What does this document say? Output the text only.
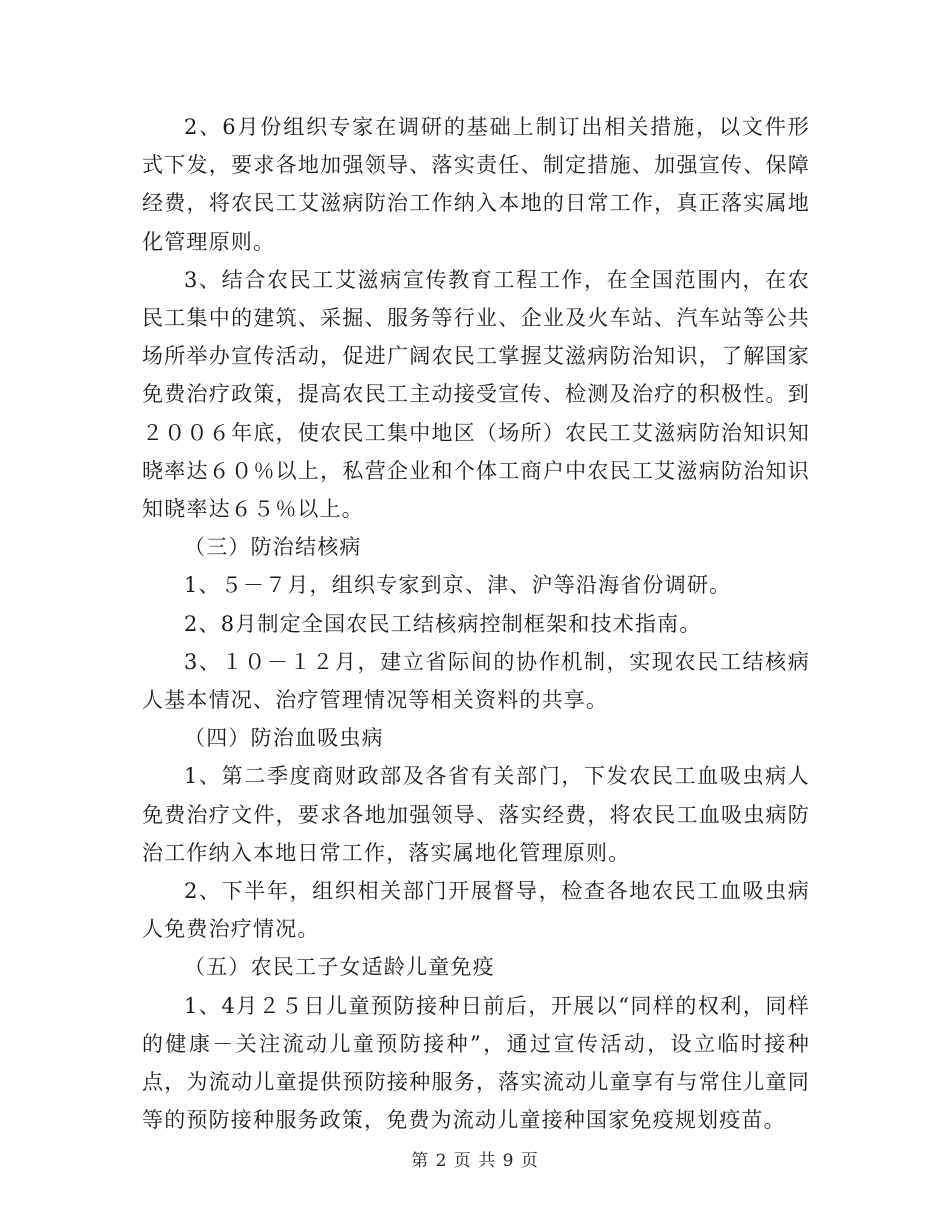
2、6月份组织专家在调研的基础上制订出相关措施，以文件形式下发，要求各地加强领导、落实责任、制定措施、加强宣传、保障经费，将农民工艾滋病防治工作纳入本地的日常工作，真正落实属地化管理原则。

3、结合农民工艾滋病宣传教育工程工作，在全国范围内，在农民工集中的建筑、采掘、服务等行业、企业及火车站、汽车站等公共场所举办宣传活动，促进广阔农民工掌握艾滋病防治知识，了解国家免费治疗政策，提高农民工主动接受宣传、检测及治疗的积极性。到２００６年底，使农民工集中地区（场所）农民工艾滋病防治知识知晓率达６０％以上，私营企业和个体工商户中农民工艾滋病防治知识知晓率达６５％以上。

（三）防治结核病

1、５－７月，组织专家到京、津、沪等沿海省份调研。

2、8月制定全国农民工结核病控制框架和技术指南。

3、１０－１２月，建立省际间的协作机制，实现农民工结核病人基本情况、治疗管理情况等相关资料的共享。

（四）防治血吸虫病

1、第二季度商财政部及各省有关部门，下发农民工血吸虫病人免费治疗文件，要求各地加强领导、落实经费，将农民工血吸虫病防治工作纳入本地日常工作，落实属地化管理原则。

2、下半年，组织相关部门开展督导，检查各地农民工血吸虫病人免费治疗情况。

（五）农民工子女适龄儿童免疫

1、4月２５日儿童预防接种日前后，开展以“同样的权利，同样的健康－关注流动儿童预防接种”，通过宣传活动，设立临时接种点，为流动儿童提供预防接种服务，落实流动儿童享有与常住儿童同等的预防接种服务政策，免费为流动儿童接种国家免疫规划疫苗。

第 2 页 共 9 页
